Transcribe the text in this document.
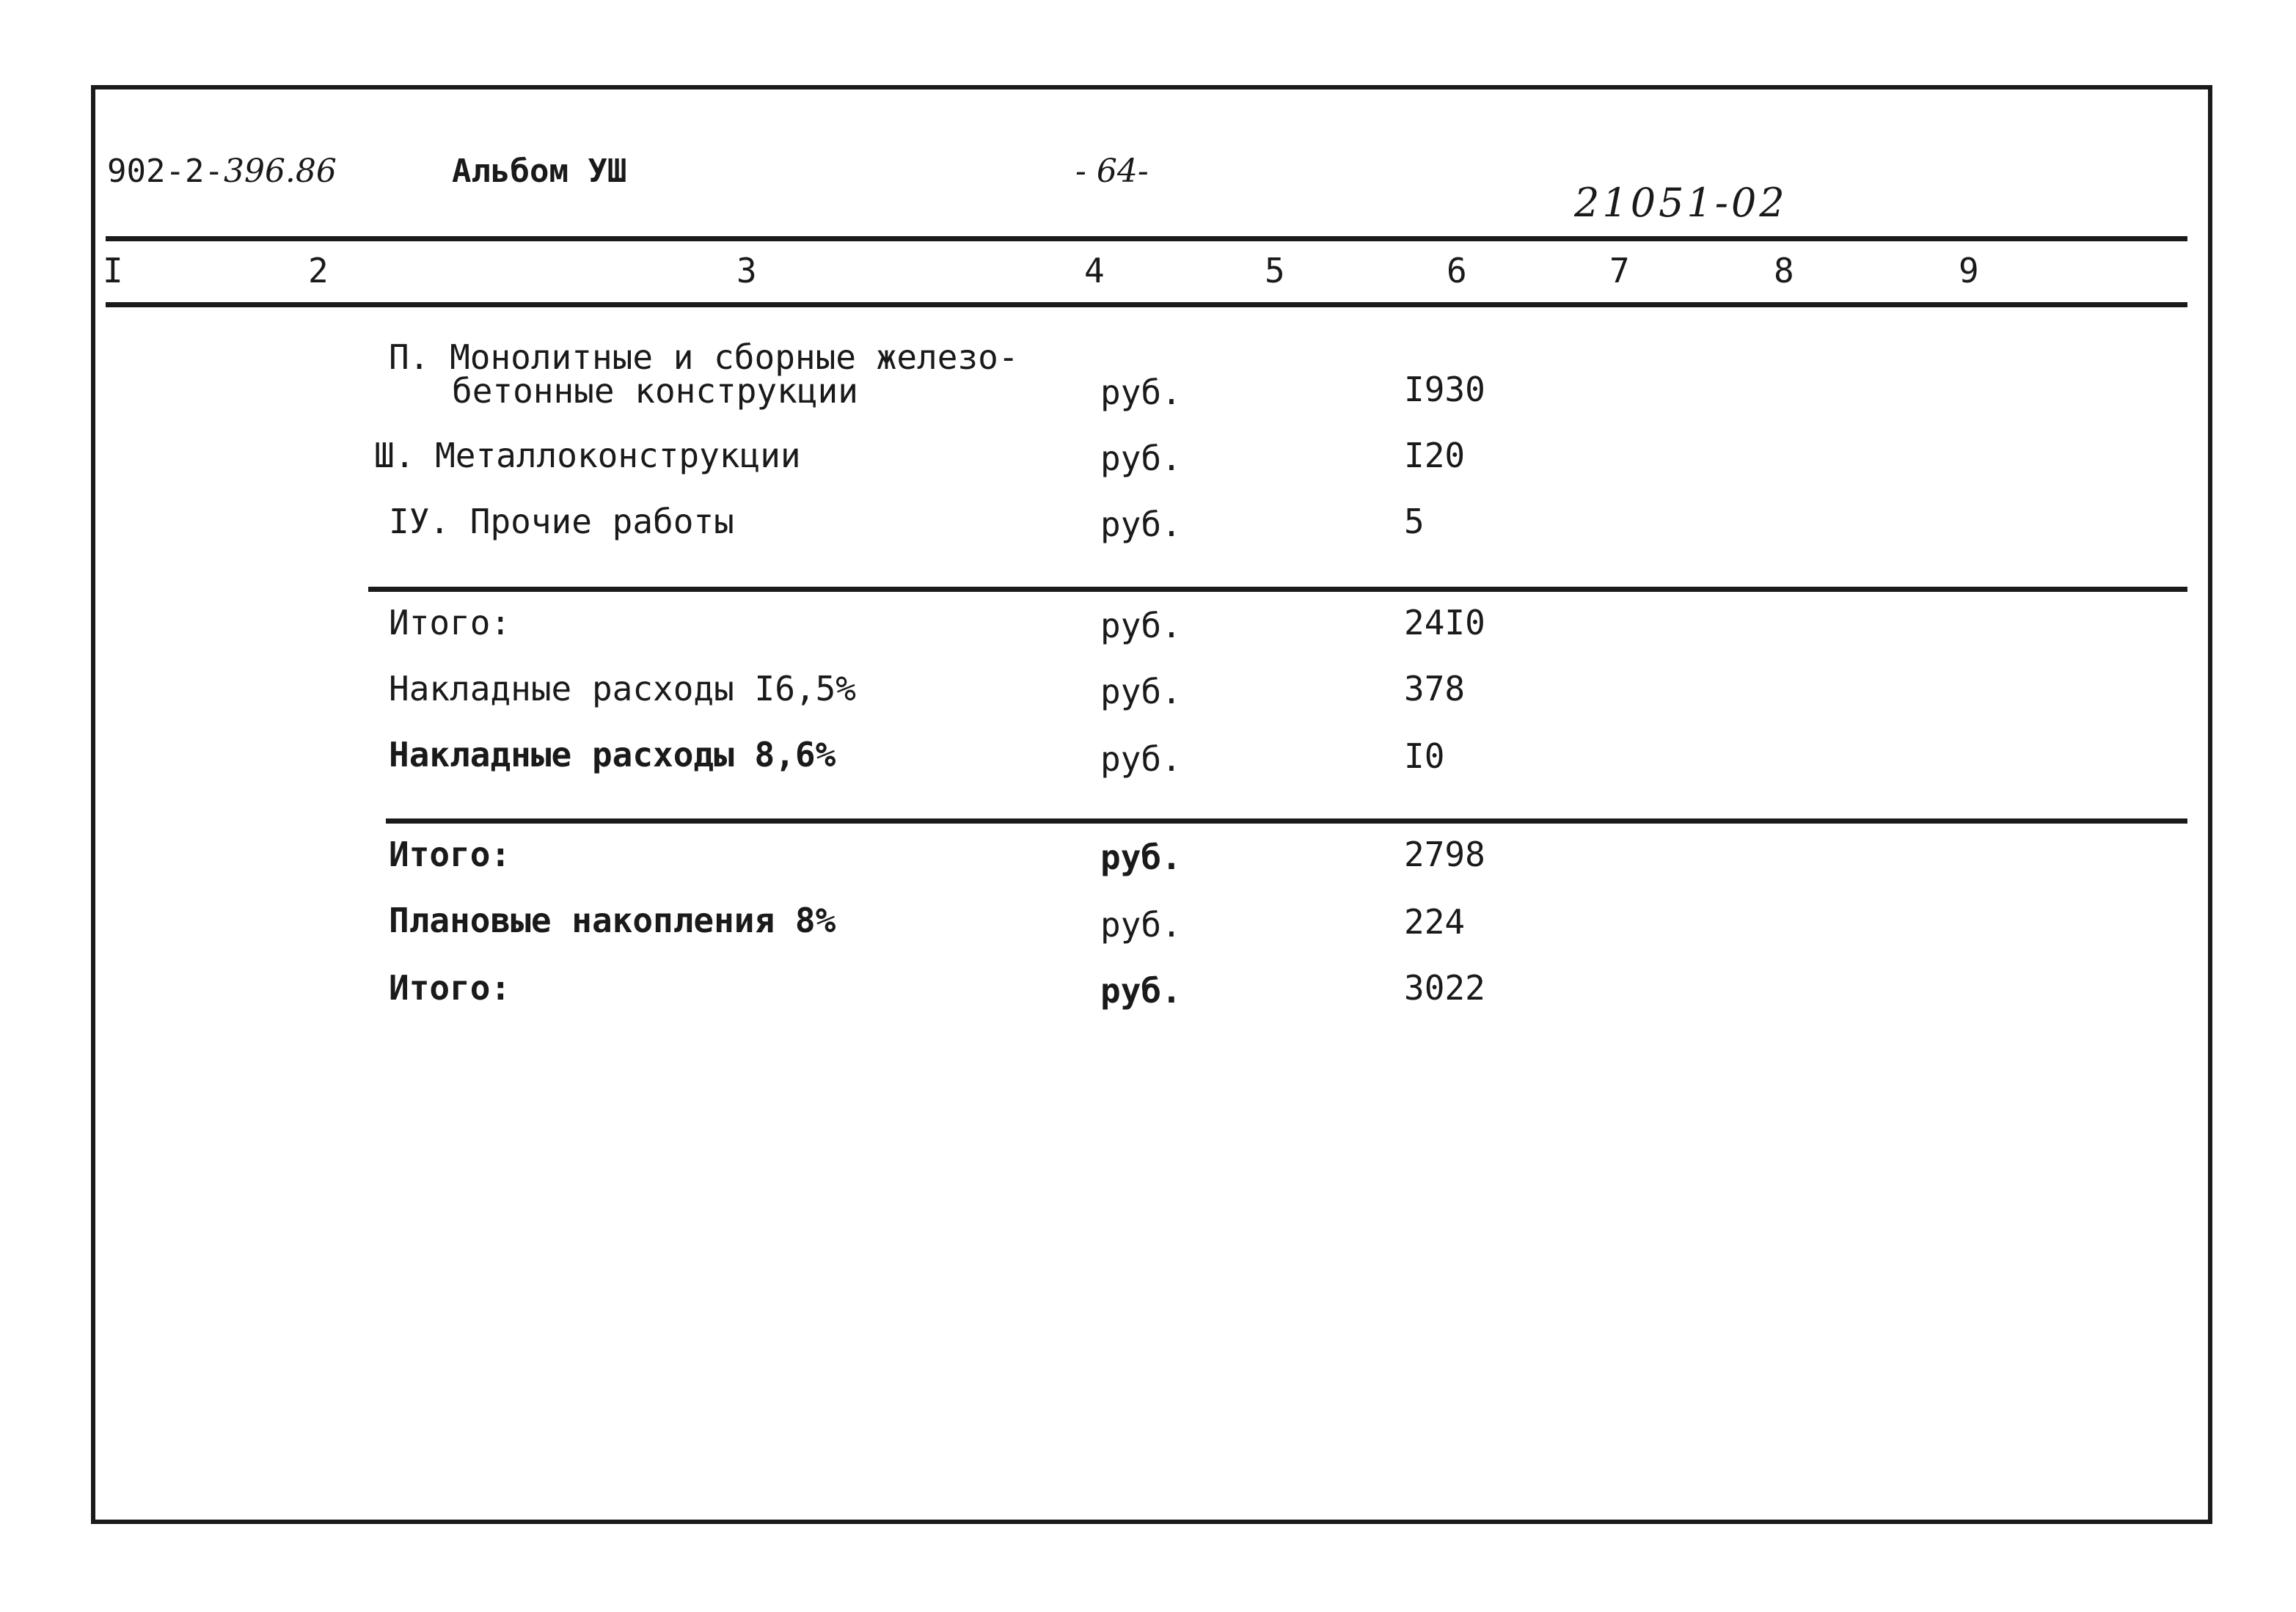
902-2-396.86	Альбом УШ	- 64-
21051-02
I	2	3	4	5	6	7	8	9
П. Монолитные и сборные железо-
бетонные конструкции	руб.	I930
Ш. Металлоконструкции	руб.	I20
IУ. Прочие работы	руб.	5
Итого:	руб.	24I0
Накладные расходы I6,5%	руб.	378
Накладные расходы 8,6%	руб.	I0
Итого:	руб.	2798
Плановые накопления 8%	руб.	224
Итого:	руб.	3022
